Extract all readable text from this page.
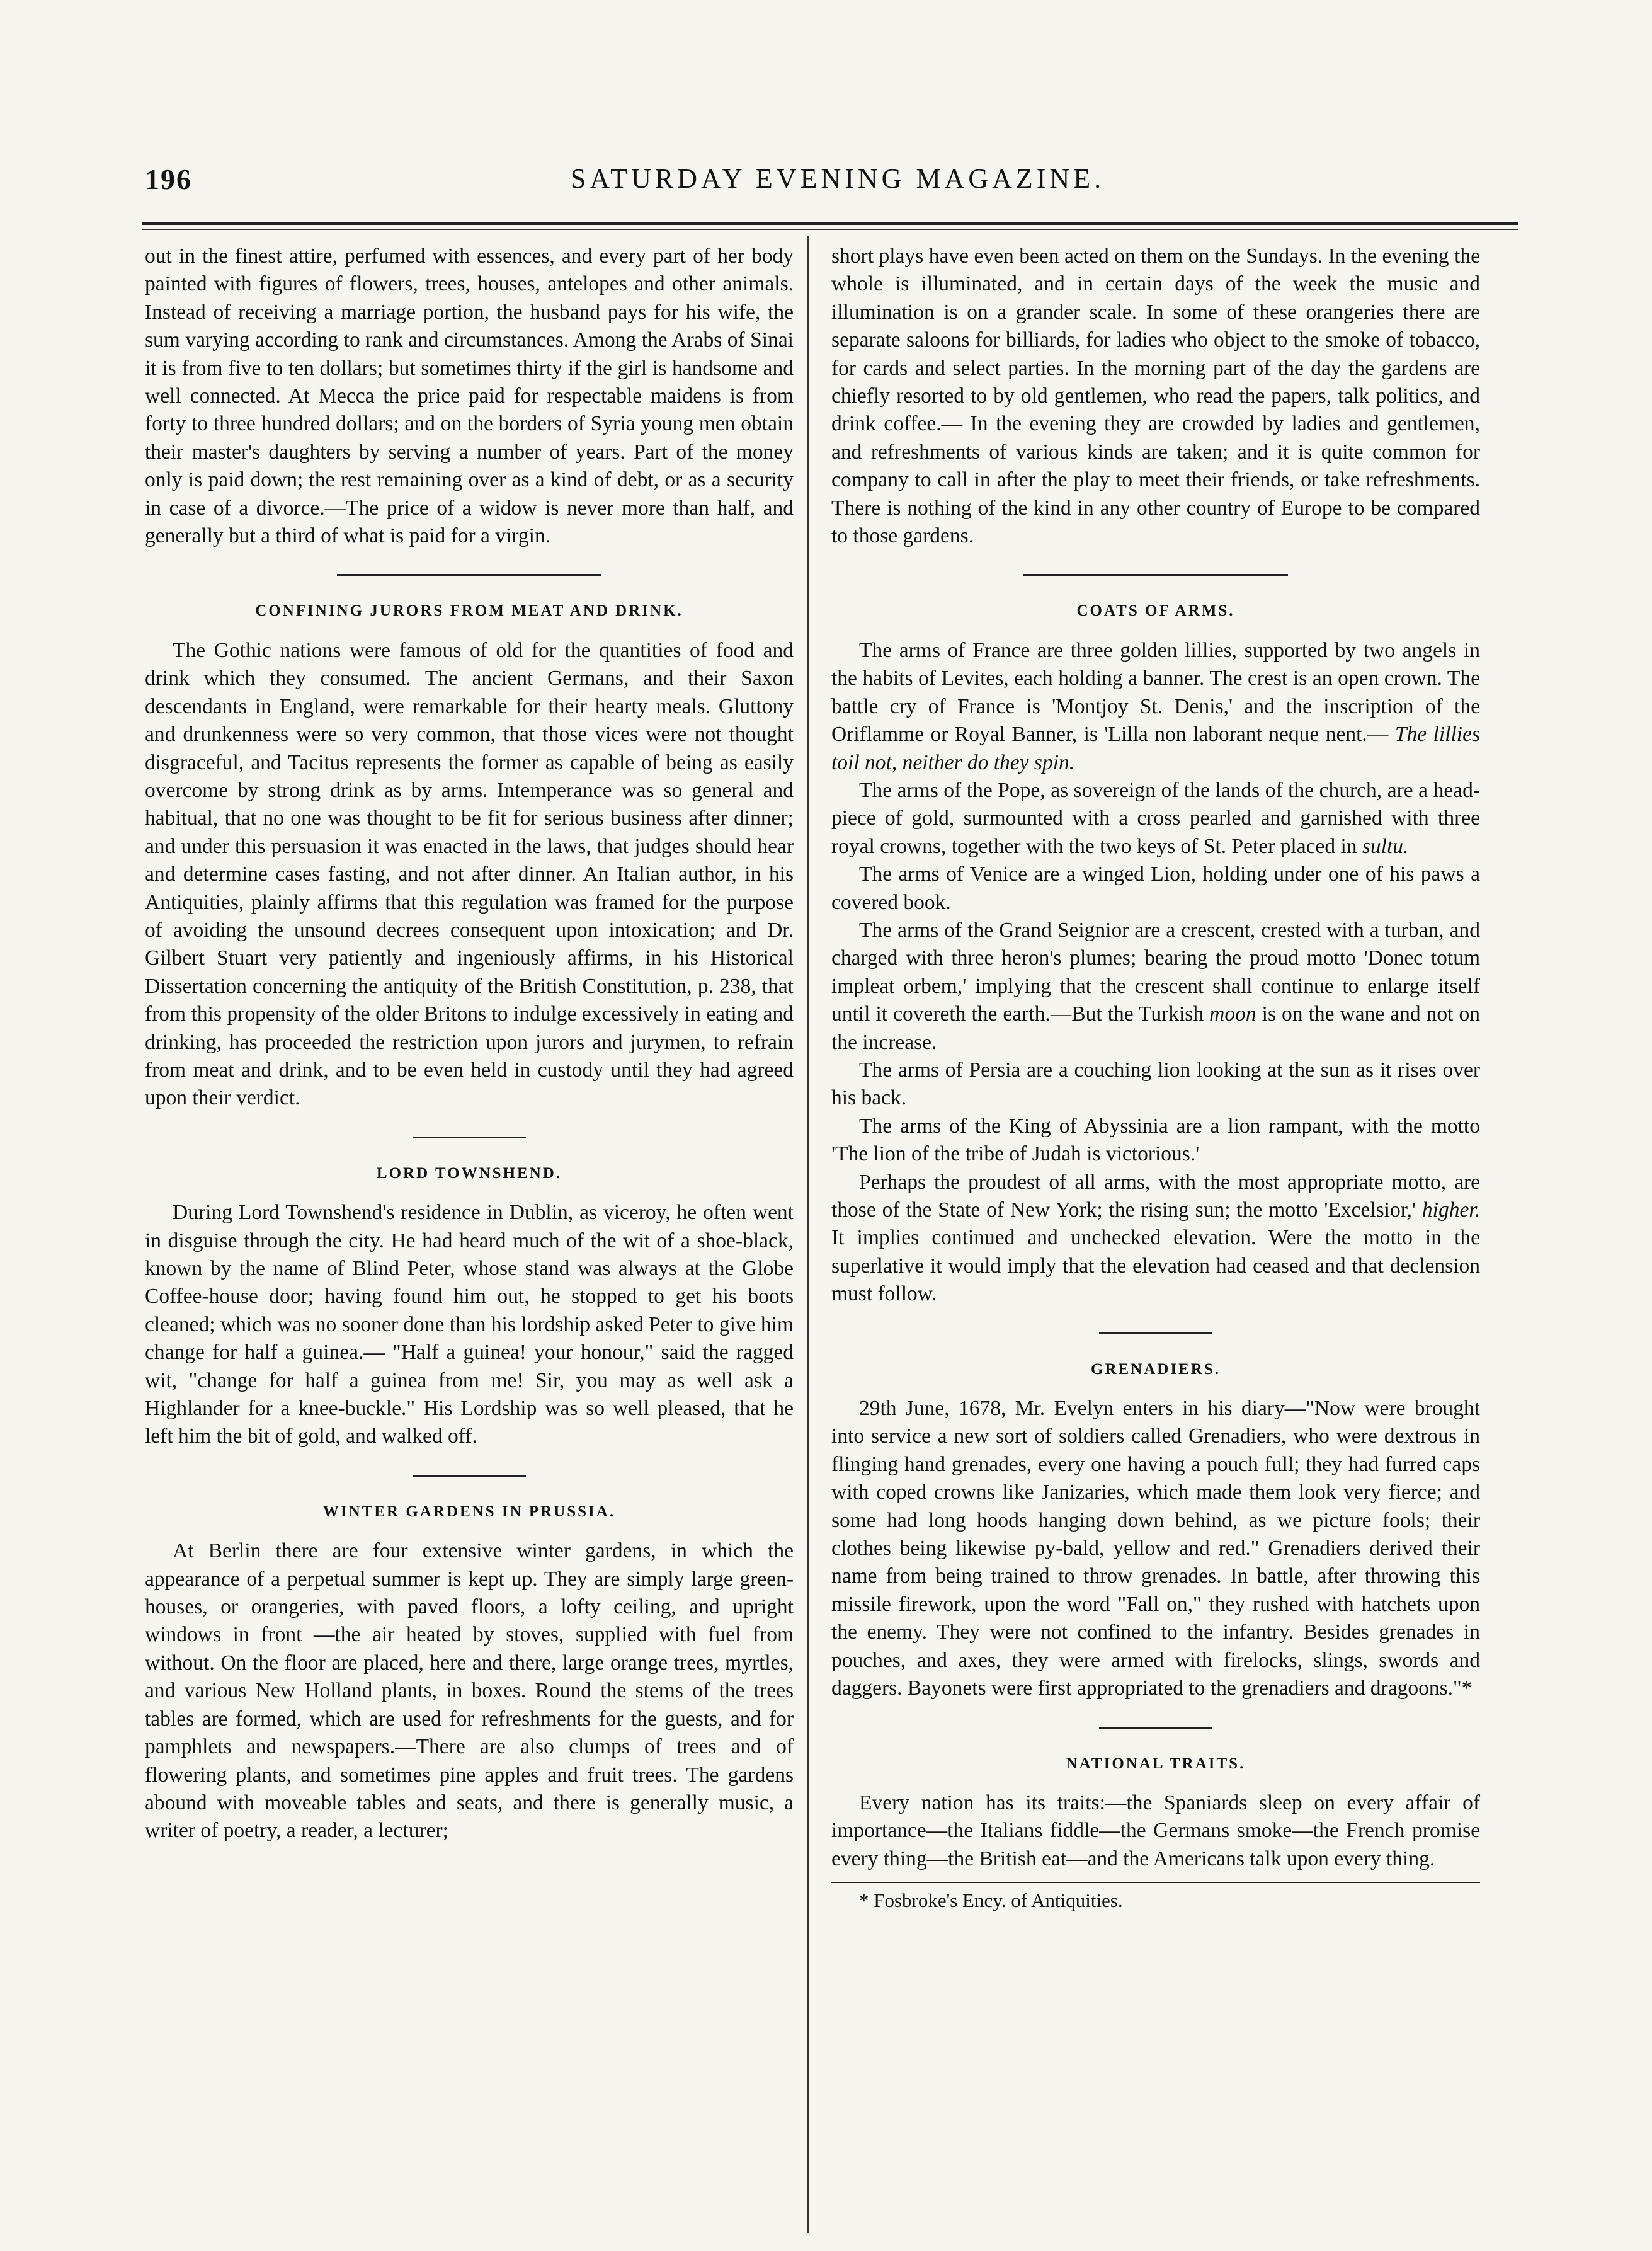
196	SATURDAY EVENING MAGAZINE.

out in the finest attire, perfumed with essences, and every part of her body painted with figures of flowers, trees, houses, antelopes and other animals. Instead of receiving a marriage portion, the husband pays for his wife, the sum varying according to rank and circumstances. Among the Arabs of Sinai it is from five to ten dollars; but sometimes thirty if the girl is handsome and well connected. At Mecca the price paid for respectable maidens is from forty to three hundred dollars; and on the borders of Syria young men obtain their master's daughters by serving a number of years. Part of the money only is paid down; the rest remaining over as a kind of debt, or as a security in case of a divorce.—The price of a widow is never more than half, and generally but a third of what is paid for a virgin.

CONFINING JURORS FROM MEAT AND DRINK.

The Gothic nations were famous of old for the quantities of food and drink which they consumed. The ancient Germans, and their Saxon descendants in England, were remarkable for their hearty meals. Gluttony and drunkenness were so very common, that those vices were not thought disgraceful, and Tacitus represents the former as capable of being as easily overcome by strong drink as by arms. Intemperance was so general and habitual, that no one was thought to be fit for serious business after dinner; and under this persuasion it was enacted in the laws, that judges should hear and determine cases fasting, and not after dinner. An Italian author, in his Antiquities, plainly affirms that this regulation was framed for the purpose of avoiding the unsound decrees consequent upon intoxication; and Dr. Gilbert Stuart very patiently and ingeniously affirms, in his Historical Dissertation concerning the antiquity of the British Constitution, p. 238, that from this propensity of the older Britons to indulge excessively in eating and drinking, has proceeded the restriction upon jurors and jurymen, to refrain from meat and drink, and to be even held in custody until they had agreed upon their verdict.

LORD TOWNSHEND.

During Lord Townshend's residence in Dublin, as viceroy, he often went in disguise through the city. He had heard much of the wit of a shoe-black, known by the name of Blind Peter, whose stand was always at the Globe Coffee-house door; having found him out, he stopped to get his boots cleaned; which was no sooner done than his lordship asked Peter to give him change for half a guinea.— "Half a guinea! your honour," said the ragged wit, "change for half a guinea from me! Sir, you may as well ask a Highlander for a knee-buckle." His Lordship was so well pleased, that he left him the bit of gold, and walked off.

WINTER GARDENS IN PRUSSIA.

At Berlin there are four extensive winter gardens, in which the appearance of a perpetual summer is kept up. They are simply large green-houses, or orangeries, with paved floors, a lofty ceiling, and upright windows in front —the air heated by stoves, supplied with fuel from without. On the floor are placed, here and there, large orange trees, myrtles, and various New Holland plants, in boxes. Round the stems of the trees tables are formed, which are used for refreshments for the guests, and for pamphlets and newspapers.—There are also clumps of trees and of flowering plants, and sometimes pine apples and fruit trees. The gardens abound with moveable tables and seats, and there is generally music, a writer of poetry, a reader, a lecturer;

short plays have even been acted on them on the Sundays. In the evening the whole is illuminated, and in certain days of the week the music and illumination is on a grander scale. In some of these orangeries there are separate saloons for billiards, for ladies who object to the smoke of tobacco, for cards and select parties. In the morning part of the day the gardens are chiefly resorted to by old gentlemen, who read the papers, talk politics, and drink coffee.— In the evening they are crowded by ladies and gentlemen, and refreshments of various kinds are taken; and it is quite common for company to call in after the play to meet their friends, or take refreshments. There is nothing of the kind in any other country of Europe to be compared to those gardens.

COATS OF ARMS.

The arms of France are three golden lillies, supported by two angels in the habits of Levites, each holding a banner. The crest is an open crown. The battle cry of France is 'Montjoy St. Denis,' and the inscription of the Oriflamme or Royal Banner, is 'Lilla non laborant neque nent.— The lillies toil not, neither do they spin.

The arms of the Pope, as sovereign of the lands of the church, are a head-piece of gold, surmounted with a cross pearled and garnished with three royal crowns, together with the two keys of St. Peter placed in sultu.

The arms of Venice are a winged Lion, holding under one of his paws a covered book.

The arms of the Grand Seignior are a crescent, crested with a turban, and charged with three heron's plumes; bearing the proud motto 'Donec totum impleat orbem,' implying that the crescent shall continue to enlarge itself until it covereth the earth.—But the Turkish moon is on the wane and not on the increase.

The arms of Persia are a couching lion looking at the sun as it rises over his back.

The arms of the King of Abyssinia are a lion rampant, with the motto 'The lion of the tribe of Judah is victorious.'

Perhaps the proudest of all arms, with the most appropriate motto, are those of the State of New York; the rising sun; the motto 'Excelsior,' higher. It implies continued and unchecked elevation. Were the motto in the superlative it would imply that the elevation had ceased and that declension must follow.

GRENADIERS.

29th June, 1678, Mr. Evelyn enters in his diary—"Now were brought into service a new sort of soldiers called Grenadiers, who were dextrous in flinging hand grenades, every one having a pouch full; they had furred caps with coped crowns like Janizaries, which made them look very fierce; and some had long hoods hanging down behind, as we picture fools; their clothes being likewise py-bald, yellow and red." Grenadiers derived their name from being trained to throw grenades. In battle, after throwing this missile firework, upon the word "Fall on," they rushed with hatchets upon the enemy. They were not confined to the infantry. Besides grenades in pouches, and axes, they were armed with firelocks, slings, swords and daggers. Bayonets were first appropriated to the grenadiers and dragoons."*

NATIONAL TRAITS.

Every nation has its traits:—the Spaniards sleep on every affair of importance—the Italians fiddle—the Germans smoke—the French promise every thing—the British eat—and the Americans talk upon every thing.

* Fosbroke's Ency. of Antiquities.
